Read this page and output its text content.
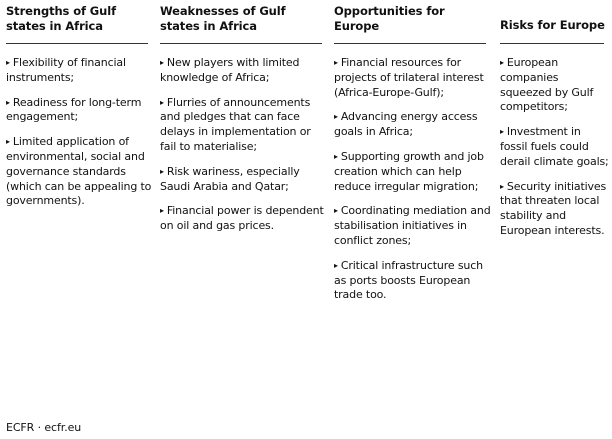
Strengths of Gulf
states in Africa
▸ Flexibility of financial instruments;
▸ Readiness for long-term engagement;
▸ Limited application of environmental, social and governance standards (which can be appealing to governments).
Weaknesses of Gulf
states in Africa
▸ New players with limited knowledge of Africa;
▸ Flurries of announcements and pledges that can face delays in implementation or fail to materialise;
▸ Risk wariness, especially Saudi Arabia and Qatar;
▸ Financial power is dependent on oil and gas prices.
Opportunities for
Europe
▸ Financial resources for projects of trilateral interest (Africa-Europe-Gulf);
▸ Advancing energy access goals in Africa;
▸ Supporting growth and job creation which can help reduce irregular migration;
▸ Coordinating mediation and stabilisation initiatives in conflict zones;
▸ Critical infrastructure such as ports boosts European trade too.
Risks for Europe
▸ European companies squeezed by Gulf competitors;
▸ Investment in fossil fuels could derail climate goals;
▸ Security initiatives that threaten local stability and European interests.
ECFR · ecfr.eu
